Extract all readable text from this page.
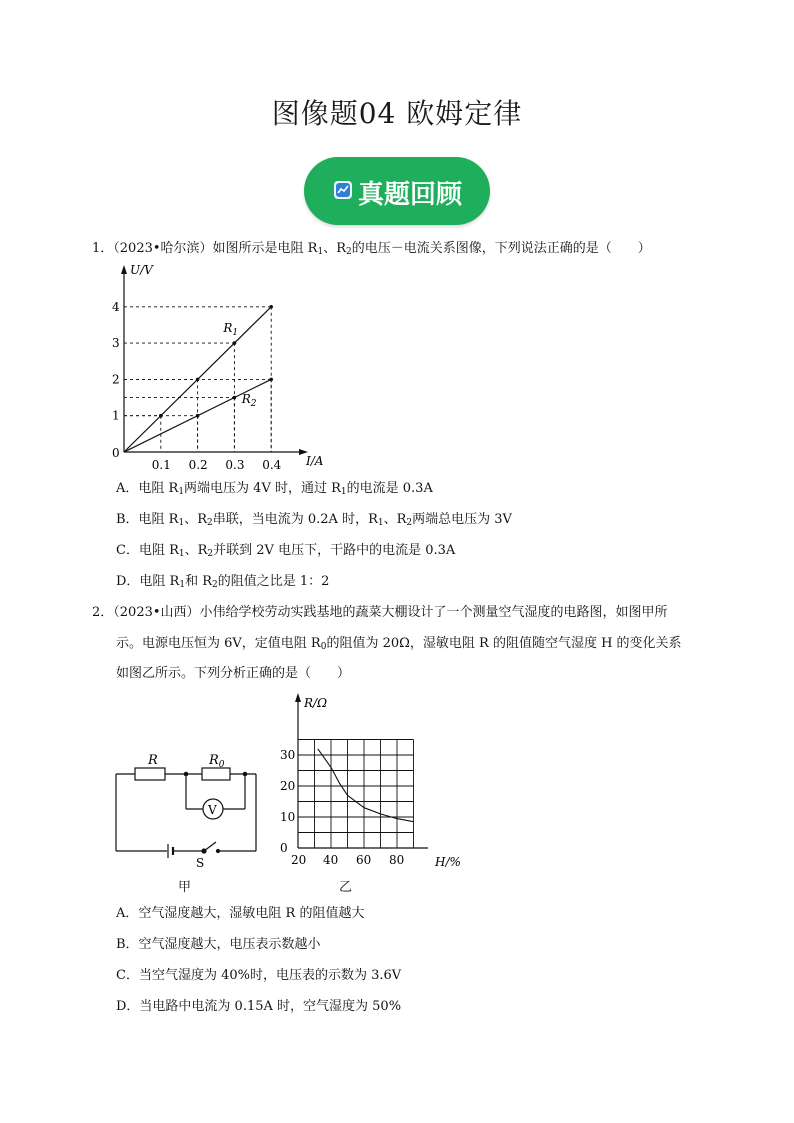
图像题04 欧姆定律
真题回顾
1．（2023•哈尔滨）如图所示是电阻 $R_1$、$R_2$的电压－电流关系图像，下列说法正确的是（　　）
U/V
I/A
0
1
2
3
4
0.1 0.2 0.3 0.4
$R_1$
$R_2$
A．电阻 $R_1$两端电压为 4V 时，通过 $R_1$的电流是 0.3A
B．电阻 $R_1$、$R_2$串联，当电流为 0.2A 时，$R_1$、$R_2$两端总电压为 3V
C．电阻 $R_1$、$R_2$并联到 2V 电压下，干路中的电流是 0.3A
D．电阻 $R_1$和 $R_2$的阻值之比是 1：2
2．（2023•山西）小伟给学校劳动实践基地的蔬菜大棚设计了一个测量空气湿度的电路图，如图甲所
示。电源电压恒为 6V，定值电阻 $R_0$的阻值为 20Ω，湿敏电阻 R 的阻值随空气湿度 H 的变化关系
如图乙所示。下列分析正确的是（　　）
R	$R_0$
V
S
甲
R/Ω
H/%
0
10
20
30
20 40 60 80
乙
A．空气湿度越大，湿敏电阻 R 的阻值越大
B．空气湿度越大，电压表示数越小
C．当空气湿度为 40%时，电压表的示数为 3.6V
D．当电路中电流为 0.15A 时，空气湿度为 50%
